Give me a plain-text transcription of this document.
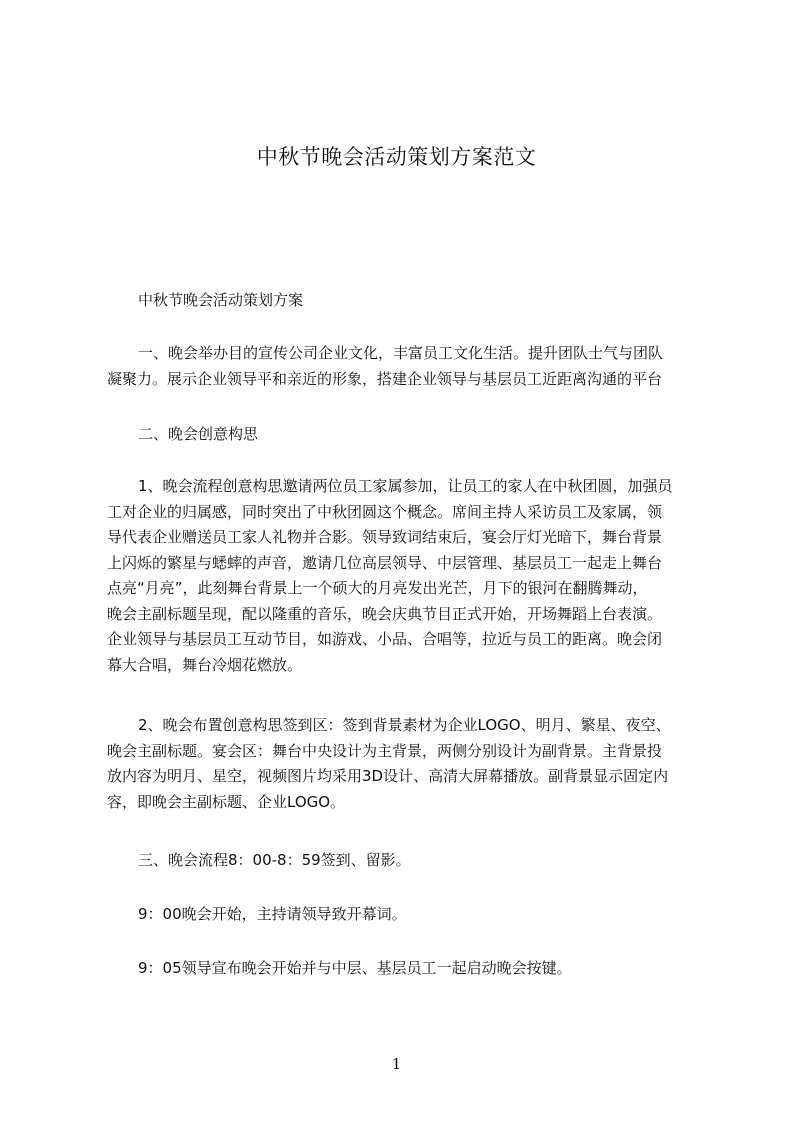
中秋节晚会活动策划方案范文
中秋节晚会活动策划方案
一、晚会举办目的宣传公司企业文化，丰富员工文化生活。提升团队士气与团队
凝聚力。展示企业领导平和亲近的形象，搭建企业领导与基层员工近距离沟通的平台
二、晚会创意构思
1、晚会流程创意构思邀请两位员工家属参加，让员工的家人在中秋团圆，加强员
工对企业的归属感，同时突出了中秋团圆这个概念。席间主持人采访员工及家属，领
导代表企业赠送员工家人礼物并合影。领导致词结束后，宴会厅灯光暗下，舞台背景
上闪烁的繁星与蟋蟀的声音，邀请几位高层领导、中层管理、基层员工一起走上舞台
点亮“月亮”，此刻舞台背景上一个硕大的月亮发出光芒，月下的银河在翻腾舞动，
晚会主副标题呈现，配以隆重的音乐，晚会庆典节目正式开始，开场舞蹈上台表演。
企业领导与基层员工互动节目，如游戏、小品、合唱等，拉近与员工的距离。晚会闭
幕大合唱，舞台冷烟花燃放。
2、晚会布置创意构思签到区：签到背景素材为企业LOGO、明月、繁星、夜空、
晚会主副标题。宴会区：舞台中央设计为主背景，两侧分别设计为副背景。主背景投
放内容为明月、星空，视频图片均采用3D设计、高清大屏幕播放。副背景显示固定内
容，即晚会主副标题、企业LOGO。
三、晚会流程8：00-8：59签到、留影。
9：00晚会开始，主持请领导致开幕词。
9：05领导宣布晚会开始并与中层、基层员工一起启动晚会按键。
1
